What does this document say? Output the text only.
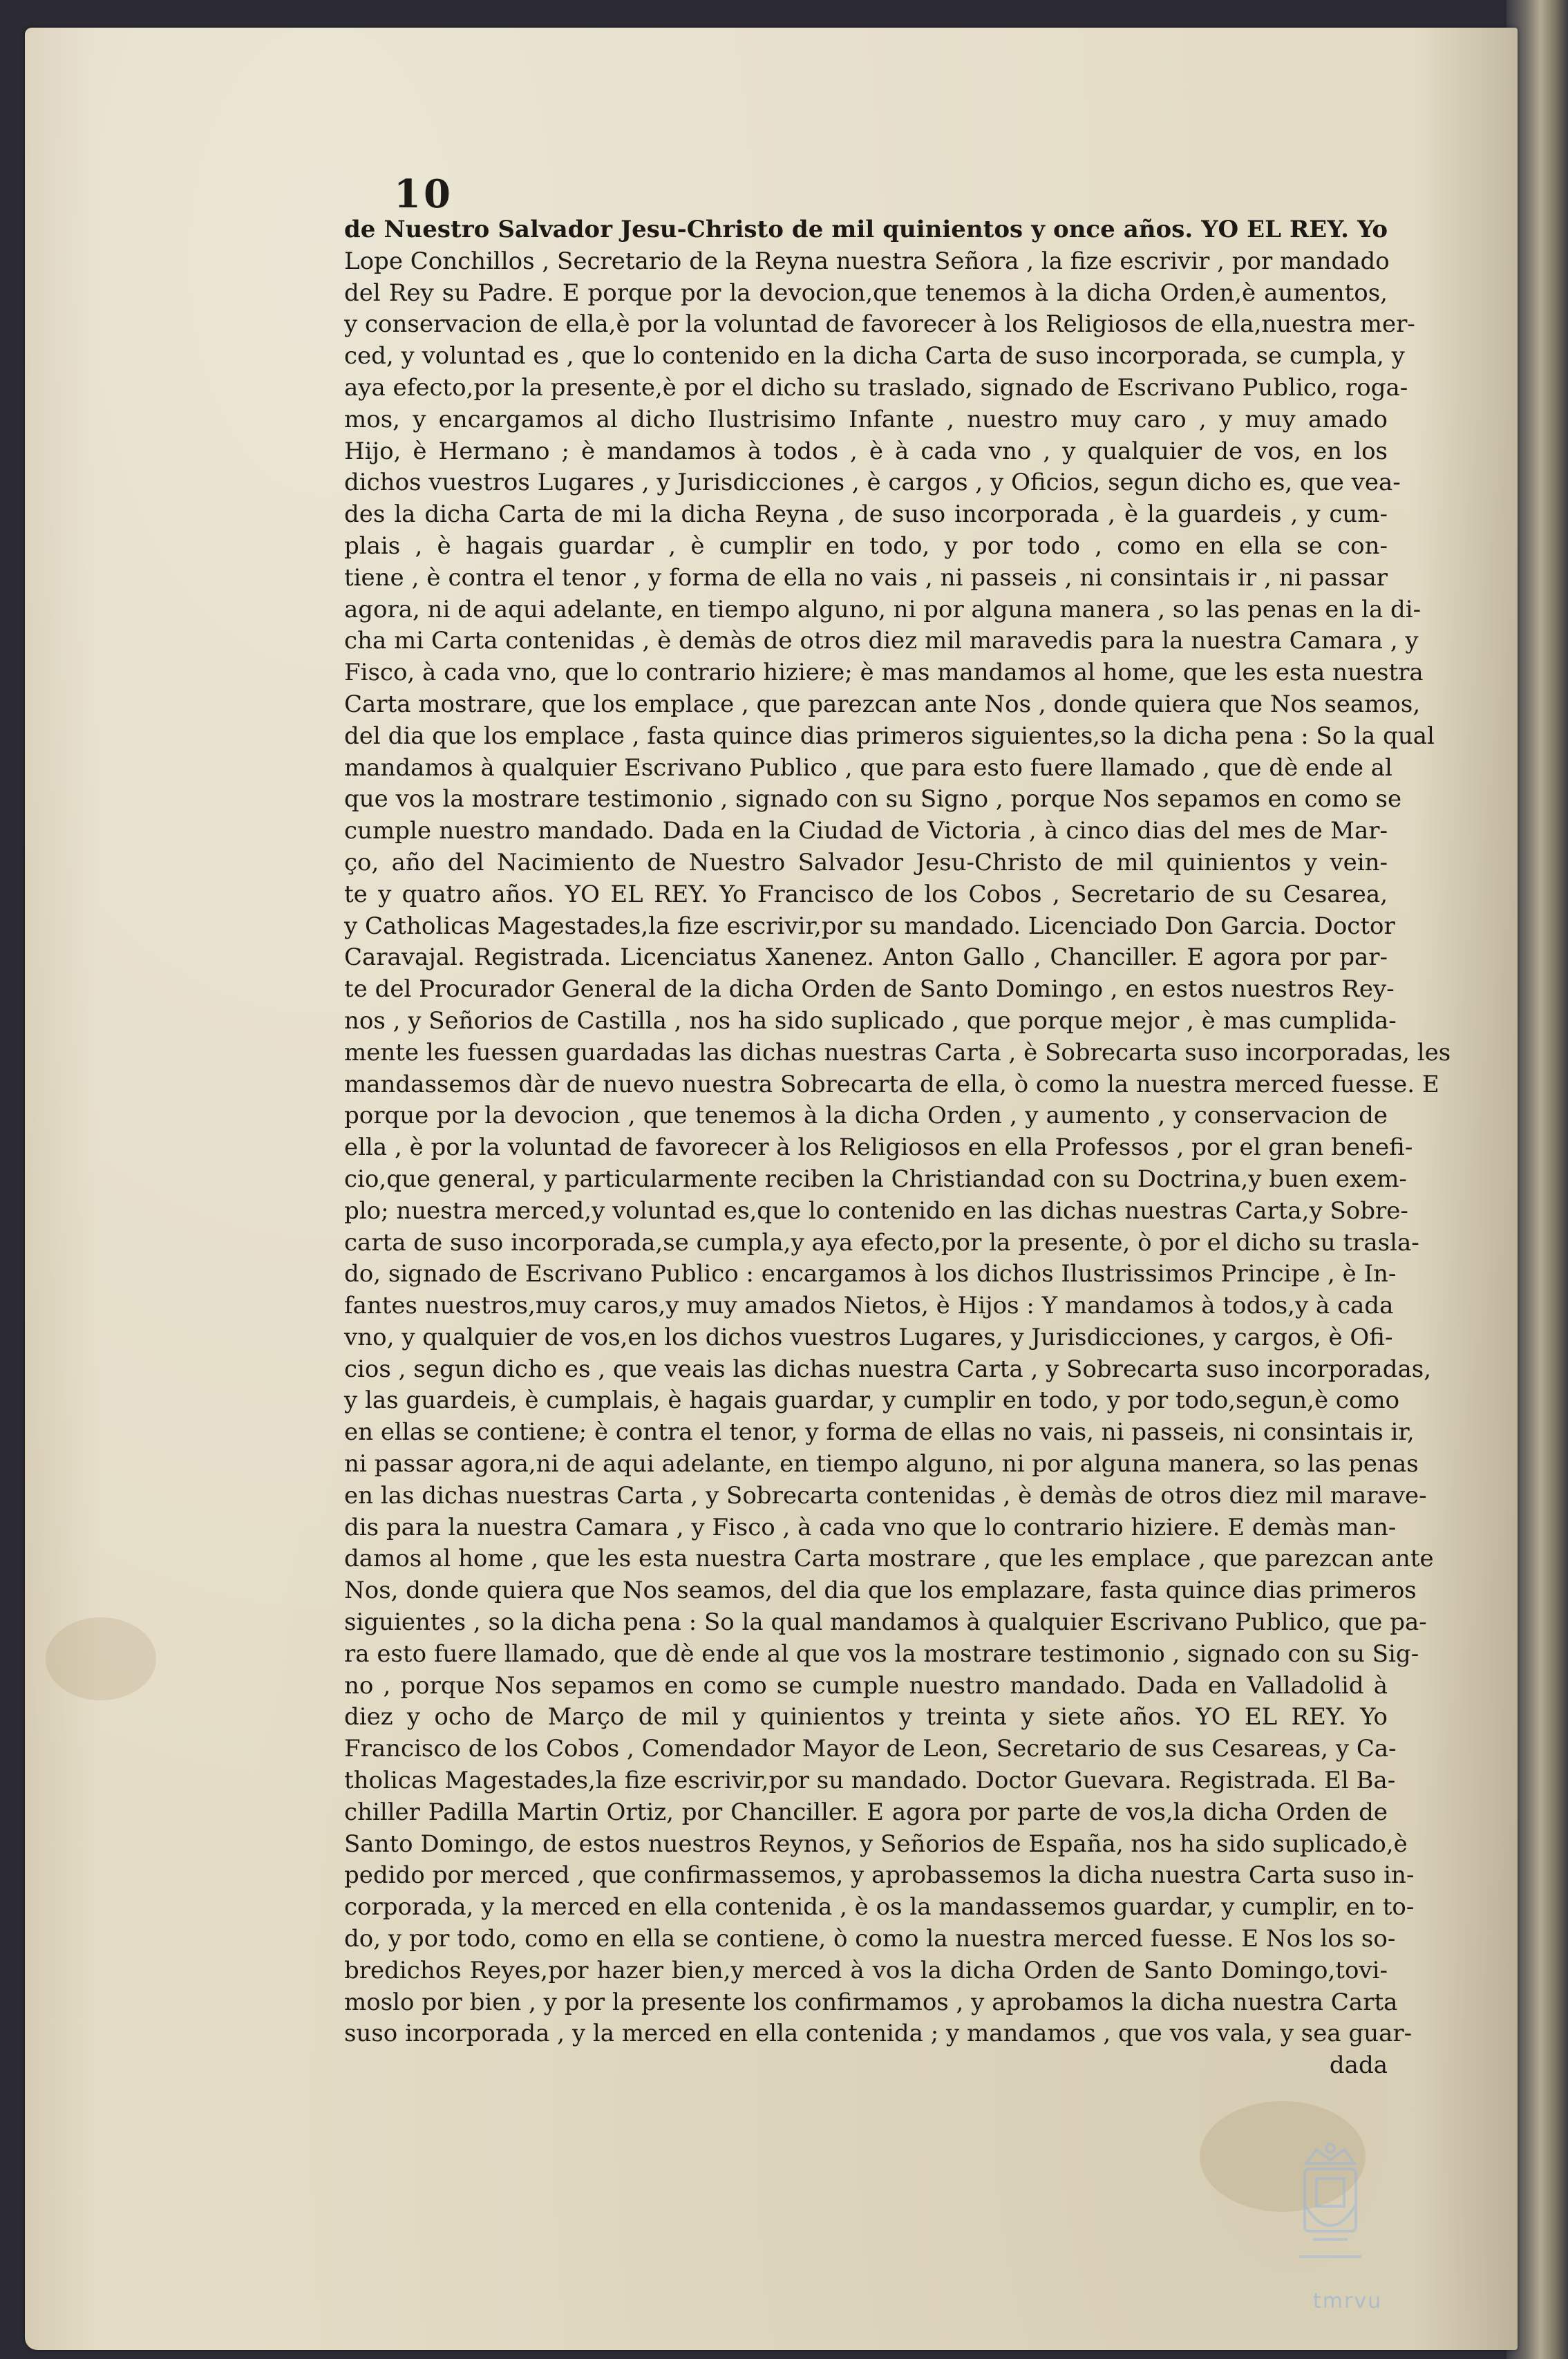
10
de Nuestro Salvador Jesu-Christo de mil quinientos y once años. YO EL REY. Yo
Lope Conchillos , Secretario de la Reyna nuestra Señora , la fize escrivir , por mandado
del Rey su Padre. E porque por la devocion,que tenemos à la dicha Orden,è aumentos,
y conservacion de ella,è por la voluntad de favorecer à los Religiosos de ella,nuestra mer-
ced, y voluntad es , que lo contenido en la dicha Carta de suso incorporada, se cumpla, y
aya efecto,por la presente,è por el dicho su traslado, signado de Escrivano Publico, roga-
mos, y encargamos al dicho Ilustrisimo Infante , nuestro muy caro , y muy amado
Hijo, è Hermano ; è mandamos à todos , è à cada vno , y qualquier de vos, en los
dichos vuestros Lugares , y Jurisdicciones , è cargos , y Oficios, segun dicho es, que vea-
des la dicha Carta de mi la dicha Reyna , de suso incorporada , è la guardeis , y cum-
plais , è hagais guardar , è cumplir en todo, y por todo , como en ella se con-
tiene , è contra el tenor , y forma de ella no vais , ni passeis , ni consintais ir , ni passar
agora, ni de aqui adelante, en tiempo alguno, ni por alguna manera , so las penas en la di-
cha mi Carta contenidas , è demàs de otros diez mil maravedis para la nuestra Camara , y
Fisco, à cada vno, que lo contrario hiziere; è mas mandamos al home, que les esta nuestra
Carta mostrare, que los emplace , que parezcan ante Nos , donde quiera que Nos seamos,
del dia que los emplace , fasta quince dias primeros siguientes,so la dicha pena : So la qual
mandamos à qualquier Escrivano Publico , que para esto fuere llamado , que dè ende al
que vos la mostrare testimonio , signado con su Signo , porque Nos sepamos en como se
cumple nuestro mandado. Dada en la Ciudad de Victoria , à cinco dias del mes de Mar-
ço, año del Nacimiento de Nuestro Salvador Jesu-Christo de mil quinientos y vein-
te y quatro años. YO EL REY. Yo Francisco de los Cobos , Secretario de su Cesarea,
y Catholicas Magestades,la fize escrivir,por su mandado. Licenciado Don Garcia. Doctor
Caravajal. Registrada. Licenciatus Xanenez. Anton Gallo , Chanciller. E agora por par-
te del Procurador General de la dicha Orden de Santo Domingo , en estos nuestros Rey-
nos , y Señorios de Castilla , nos ha sido suplicado , que porque mejor , è mas cumplida-
mente les fuessen guardadas las dichas nuestras Carta , è Sobrecarta suso incorporadas, les
mandassemos dàr de nuevo nuestra Sobrecarta de ella, ò como la nuestra merced fuesse. E
porque por la devocion , que tenemos à la dicha Orden , y aumento , y conservacion de
ella , è por la voluntad de favorecer à los Religiosos en ella Professos , por el gran benefi-
cio,que general, y particularmente reciben la Christiandad con su Doctrina,y buen exem-
plo; nuestra merced,y voluntad es,que lo contenido en las dichas nuestras Carta,y Sobre-
carta de suso incorporada,se cumpla,y aya efecto,por la presente, ò por el dicho su trasla-
do, signado de Escrivano Publico : encargamos à los dichos Ilustrissimos Principe , è In-
fantes nuestros,muy caros,y muy amados Nietos, è Hijos : Y mandamos à todos,y à cada
vno, y qualquier de vos,en los dichos vuestros Lugares, y Jurisdicciones, y cargos, è Ofi-
cios , segun dicho es , que veais las dichas nuestra Carta , y Sobrecarta suso incorporadas,
y las guardeis, è cumplais, è hagais guardar, y cumplir en todo, y por todo,segun,è como
en ellas se contiene; è contra el tenor, y forma de ellas no vais, ni passeis, ni consintais ir,
ni passar agora,ni de aqui adelante, en tiempo alguno, ni por alguna manera, so las penas
en las dichas nuestras Carta , y Sobrecarta contenidas , è demàs de otros diez mil marave-
dis para la nuestra Camara , y Fisco , à cada vno que lo contrario hiziere. E demàs man-
damos al home , que les esta nuestra Carta mostrare , que les emplace , que parezcan ante
Nos, donde quiera que Nos seamos, del dia que los emplazare, fasta quince dias primeros
siguientes , so la dicha pena : So la qual mandamos à qualquier Escrivano Publico, que pa-
ra esto fuere llamado, que dè ende al que vos la mostrare testimonio , signado con su Sig-
no , porque Nos sepamos en como se cumple nuestro mandado. Dada en Valladolid à
diez y ocho de Março de mil y quinientos y treinta y siete años. YO EL REY. Yo
Francisco de los Cobos , Comendador Mayor de Leon, Secretario de sus Cesareas, y Ca-
tholicas Magestades,la fize escrivir,por su mandado. Doctor Guevara. Registrada. El Ba-
chiller Padilla Martin Ortiz, por Chanciller. E agora por parte de vos,la dicha Orden de
Santo Domingo, de estos nuestros Reynos, y Señorios de España, nos ha sido suplicado,è
pedido por merced , que confirmassemos, y aprobassemos la dicha nuestra Carta suso in-
corporada, y la merced en ella contenida , è os la mandassemos guardar, y cumplir, en to-
do, y por todo, como en ella se contiene, ò como la nuestra merced fuesse. E Nos los so-
bredichos Reyes,por hazer bien,y merced à vos la dicha Orden de Santo Domingo,tovi-
moslo por bien , y por la presente los confirmamos , y aprobamos la dicha nuestra Carta
suso incorporada , y la merced en ella contenida ; y mandamos , que vos vala, y sea guar-
dada
tmrvu
